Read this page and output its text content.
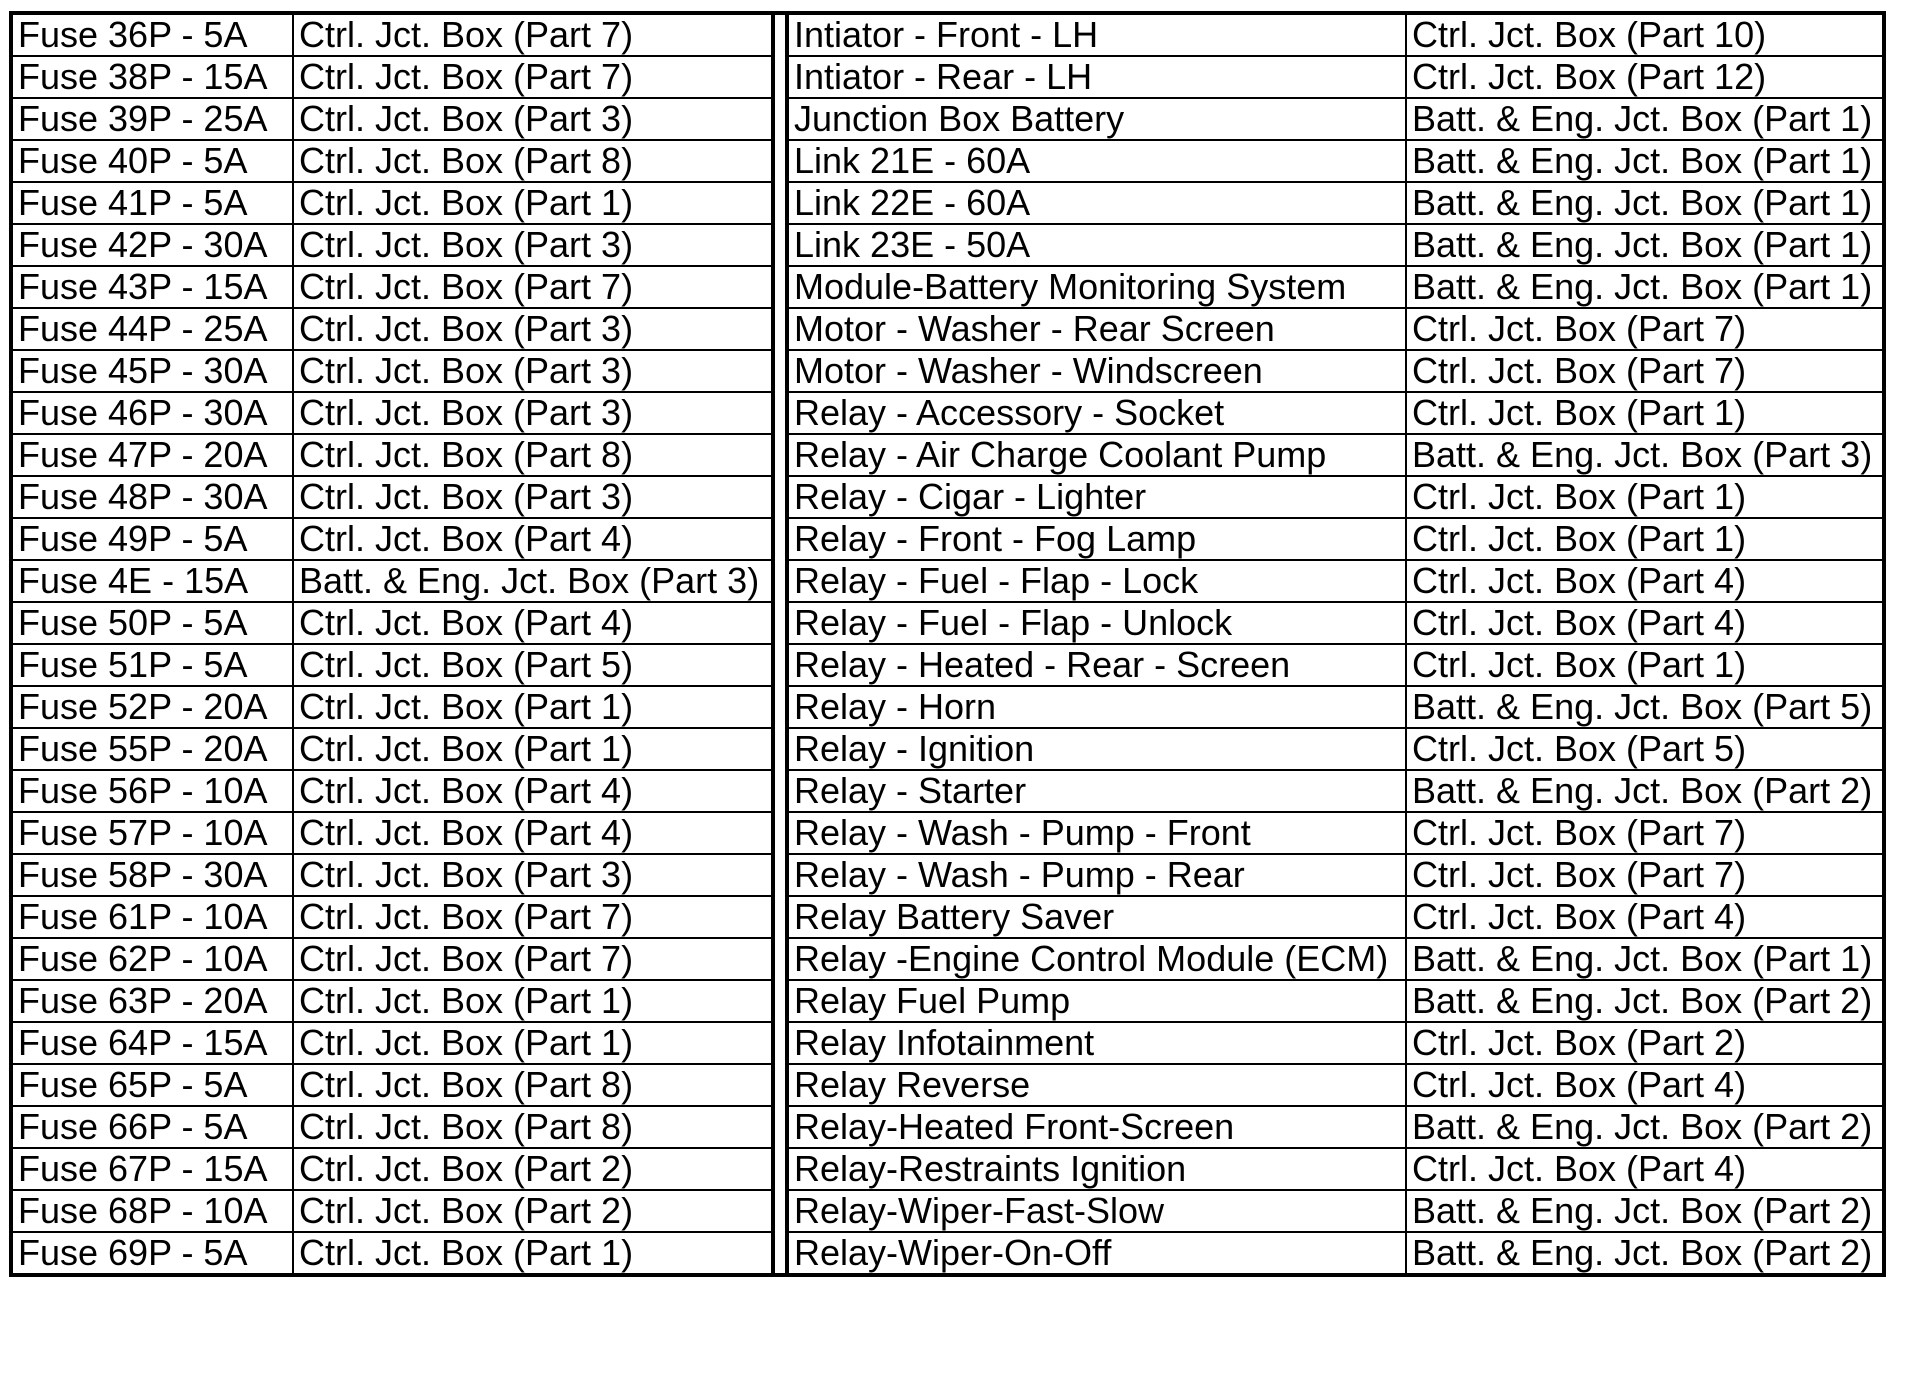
Fuse 36P - 5A	Ctrl. Jct. Box (Part 7)
Fuse 38P - 15A	Ctrl. Jct. Box (Part 7)
Fuse 39P - 25A	Ctrl. Jct. Box (Part 3)
Fuse 40P - 5A	Ctrl. Jct. Box (Part 8)
Fuse 41P - 5A	Ctrl. Jct. Box (Part 1)
Fuse 42P - 30A	Ctrl. Jct. Box (Part 3)
Fuse 43P - 15A	Ctrl. Jct. Box (Part 7)
Fuse 44P - 25A	Ctrl. Jct. Box (Part 3)
Fuse 45P - 30A	Ctrl. Jct. Box (Part 3)
Fuse 46P - 30A	Ctrl. Jct. Box (Part 3)
Fuse 47P - 20A	Ctrl. Jct. Box (Part 8)
Fuse 48P - 30A	Ctrl. Jct. Box (Part 3)
Fuse 49P - 5A	Ctrl. Jct. Box (Part 4)
Fuse 4E - 15A	Batt. & Eng. Jct. Box (Part 3)
Fuse 50P - 5A	Ctrl. Jct. Box (Part 4)
Fuse 51P - 5A	Ctrl. Jct. Box (Part 5)
Fuse 52P - 20A	Ctrl. Jct. Box (Part 1)
Fuse 55P - 20A	Ctrl. Jct. Box (Part 1)
Fuse 56P - 10A	Ctrl. Jct. Box (Part 4)
Fuse 57P - 10A	Ctrl. Jct. Box (Part 4)
Fuse 58P - 30A	Ctrl. Jct. Box (Part 3)
Fuse 61P - 10A	Ctrl. Jct. Box (Part 7)
Fuse 62P - 10A	Ctrl. Jct. Box (Part 7)
Fuse 63P - 20A	Ctrl. Jct. Box (Part 1)
Fuse 64P - 15A	Ctrl. Jct. Box (Part 1)
Fuse 65P - 5A	Ctrl. Jct. Box (Part 8)
Fuse 66P - 5A	Ctrl. Jct. Box (Part 8)
Fuse 67P - 15A	Ctrl. Jct. Box (Part 2)
Fuse 68P - 10A	Ctrl. Jct. Box (Part 2)
Fuse 69P - 5A	Ctrl. Jct. Box (Part 1)
Intiator - Front - LH	Ctrl. Jct. Box (Part 10)
Intiator - Rear - LH	Ctrl. Jct. Box (Part 12)
Junction Box Battery	Batt. & Eng. Jct. Box (Part 1)
Link 21E - 60A	Batt. & Eng. Jct. Box (Part 1)
Link 22E - 60A	Batt. & Eng. Jct. Box (Part 1)
Link 23E - 50A	Batt. & Eng. Jct. Box (Part 1)
Module-Battery Monitoring System	Batt. & Eng. Jct. Box (Part 1)
Motor - Washer - Rear Screen	Ctrl. Jct. Box (Part 7)
Motor - Washer - Windscreen	Ctrl. Jct. Box (Part 7)
Relay - Accessory - Socket	Ctrl. Jct. Box (Part 1)
Relay - Air Charge Coolant Pump	Batt. & Eng. Jct. Box (Part 3)
Relay - Cigar - Lighter	Ctrl. Jct. Box (Part 1)
Relay - Front - Fog Lamp	Ctrl. Jct. Box (Part 1)
Relay - Fuel - Flap - Lock	Ctrl. Jct. Box (Part 4)
Relay - Fuel - Flap - Unlock	Ctrl. Jct. Box (Part 4)
Relay - Heated - Rear - Screen	Ctrl. Jct. Box (Part 1)
Relay - Horn	Batt. & Eng. Jct. Box (Part 5)
Relay - Ignition	Ctrl. Jct. Box (Part 5)
Relay - Starter	Batt. & Eng. Jct. Box (Part 2)
Relay - Wash - Pump - Front	Ctrl. Jct. Box (Part 7)
Relay - Wash - Pump - Rear	Ctrl. Jct. Box (Part 7)
Relay Battery Saver	Ctrl. Jct. Box (Part 4)
Relay -Engine Control Module (ECM)	Batt. & Eng. Jct. Box (Part 1)
Relay Fuel Pump	Batt. & Eng. Jct. Box (Part 2)
Relay Infotainment	Ctrl. Jct. Box (Part 2)
Relay Reverse	Ctrl. Jct. Box (Part 4)
Relay-Heated Front-Screen	Batt. & Eng. Jct. Box (Part 2)
Relay-Restraints Ignition	Ctrl. Jct. Box (Part 4)
Relay-Wiper-Fast-Slow	Batt. & Eng. Jct. Box (Part 2)
Relay-Wiper-On-Off	Batt. & Eng. Jct. Box (Part 2)
